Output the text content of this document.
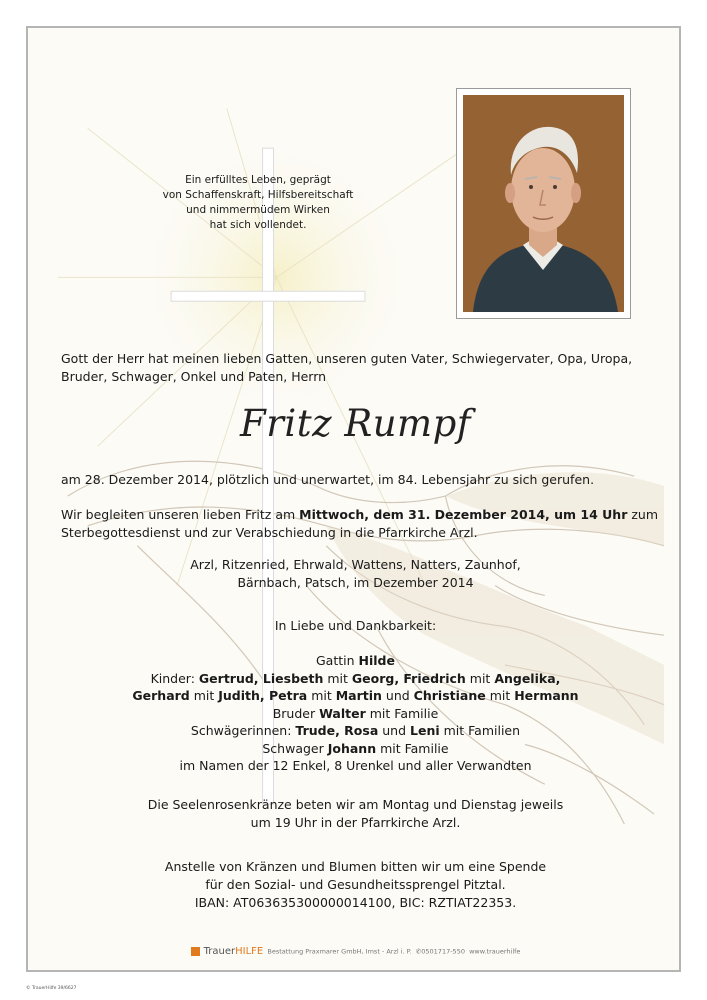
Ein erfülltes Leben, geprägt
von Schaffenskraft, Hilfsbereitschaft
und nimmermüdem Wirken
hat sich vollendet.
Gott der Herr hat meinen lieben Gatten, unseren guten Vater, Schwiegervater, Opa, Uropa,
Bruder, Schwager, Onkel und Paten, Herrn
Fritz Rumpf
am 28. Dezember 2014, plötzlich und unerwartet, im 84. Lebensjahr zu sich gerufen.
Wir begleiten unseren lieben Fritz am Mittwoch, dem 31. Dezember 2014, um 14 Uhr zum
Sterbegottesdienst und zur Verabschiedung in die Pfarrkirche Arzl.
Arzl, Ritzenried, Ehrwald, Wattens, Natters, Zaunhof,
Bärnbach, Patsch, im Dezember 2014
In Liebe und Dankbarkeit:
Gattin Hilde
Kinder: Gertrud, Liesbeth mit Georg, Friedrich mit Angelika,
Gerhard mit Judith, Petra mit Martin und Christiane mit Hermann
Bruder Walter mit Familie
Schwägerinnen: Trude, Rosa und Leni mit Familien
Schwager Johann mit Familie
im Namen der 12 Enkel, 8 Urenkel und aller Verwandten
Die Seelenrosenkränze beten wir am Montag und Dienstag jeweils
um 19 Uhr in der Pfarrkirche Arzl.
Anstelle von Kränzen und Blumen bitten wir um eine Spende
für den Sozial- und Gesundheitssprengel Pitztal.
IBAN: AT063635300000014100, BIC: RZTIAT22353.
TrauerHILFE Bestattung Praxmarer GmbH, Imst - Arzl i. P. ✆0501717-550 www.trauerhilfe
© TrauerHilfe 39/6627
